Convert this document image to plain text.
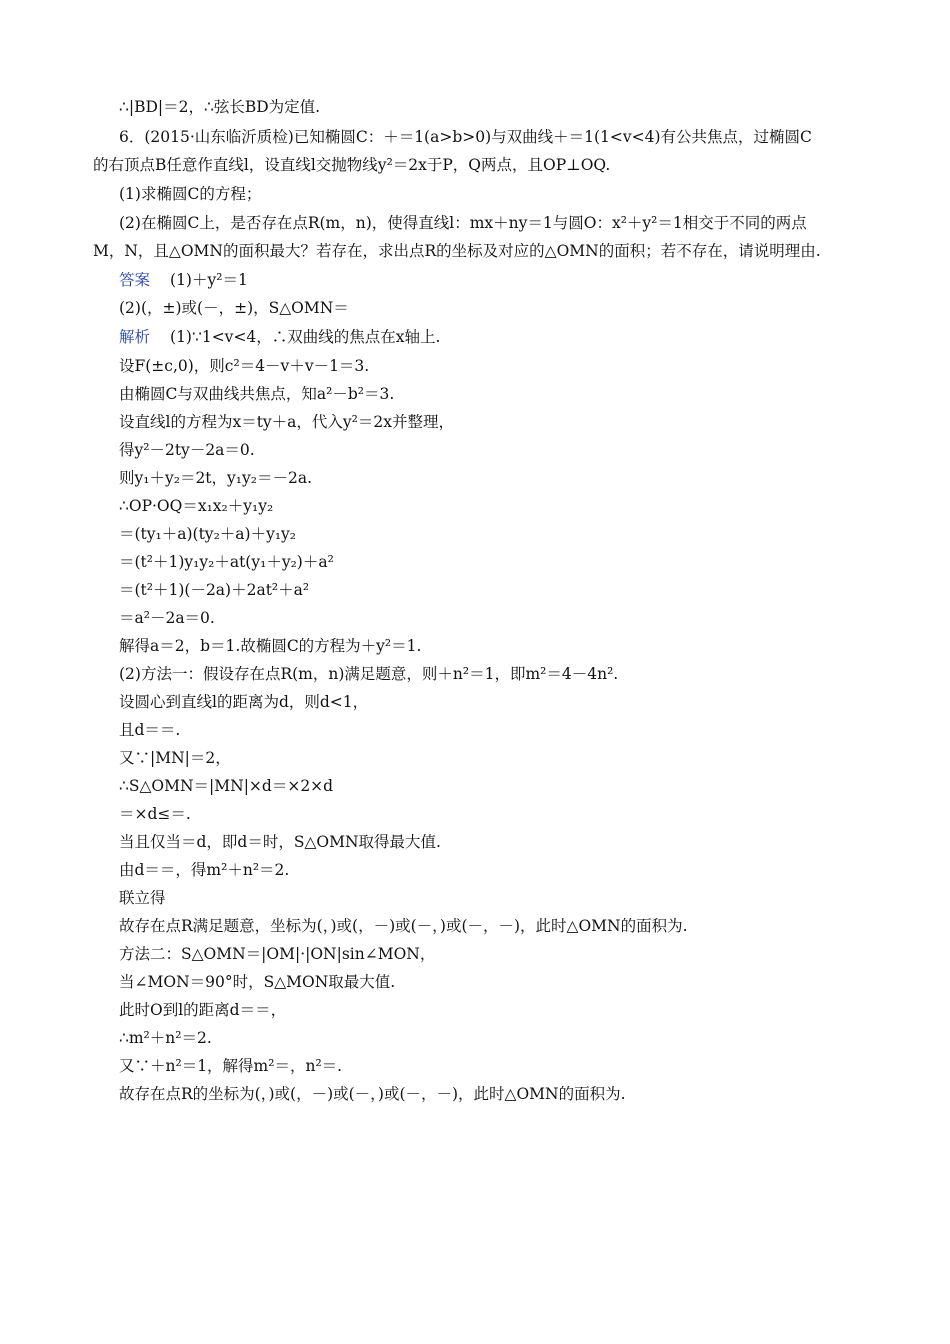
∴|BD|＝2，∴弦长BD为定值.
6．(2015·山东临沂质检)已知椭圆C：＋＝1(a>b>0)与双曲线＋＝1(1<v<4)有公共焦点，过椭圆C
的右顶点B任意作直线l，设直线l交抛物线y²＝2x于P，Q两点，且OP⊥OQ.
(1)求椭圆C的方程；
(2)在椭圆C上，是否存在点R(m，n)，使得直线l：mx＋ny＝1与圆O：x²＋y²＝1相交于不同的两点
M，N，且△OMN的面积最大？若存在，求出点R的坐标及对应的△OMN的面积；若不存在，请说明理由.
答案 (1)＋y²＝1
(2)(，±)或(－，±)，S△OMN＝
解析 (1)∵1<v<4，∴双曲线的焦点在x轴上.
设F(±c,0)，则c²＝4－v＋v－1＝3.
由椭圆C与双曲线共焦点，知a²－b²＝3.
设直线l的方程为x＝ty＋a，代入y²＝2x并整理，
得y²－2ty－2a＝0.
则y₁＋y₂＝2t，y₁y₂＝－2a.
∴OP·OQ＝x₁x₂＋y₁y₂
＝(ty₁＋a)(ty₂＋a)＋y₁y₂
＝(t²＋1)y₁y₂＋at(y₁＋y₂)＋a²
＝(t²＋1)(－2a)＋2at²＋a²
＝a²－2a＝0.
解得a＝2，b＝1.故椭圆C的方程为＋y²＝1.
(2)方法一：假设存在点R(m，n)满足题意，则＋n²＝1，即m²＝4－4n².
设圆心到直线l的距离为d，则d<1，
且d＝＝.
又∵|MN|＝2，
∴S△OMN＝|MN|×d＝×2×d
＝×d≤＝.
当且仅当＝d，即d＝时，S△OMN取得最大值.
由d＝＝，得m²＋n²＝2.
联立得
故存在点R满足题意，坐标为(，)或(，－)或(－，)或(－，－)，此时△OMN的面积为.
方法二：S△OMN＝|OM|·|ON|sin∠MON，
当∠MON＝90°时，S△MON取最大值.
此时O到l的距离d＝＝，
∴m²＋n²＝2.
又∵＋n²＝1，解得m²＝，n²＝.
故存在点R的坐标为(，)或(，－)或(－，)或(－，－)，此时△OMN的面积为.
